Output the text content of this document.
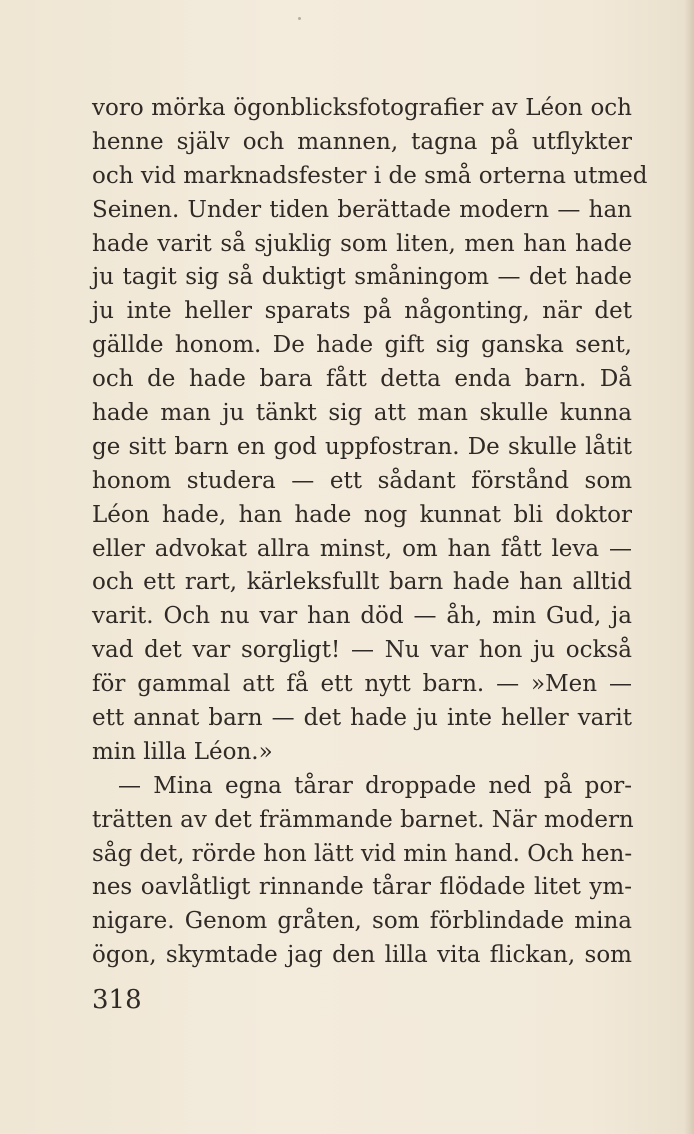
voro mörka ögonblicksfotografier av Léon och
henne själv och mannen, tagna på utflykter
och vid marknadsfester i de små orterna utmed
Seinen. Under tiden berättade modern — han
hade varit så sjuklig som liten, men han hade
ju tagit sig så duktigt småningom — det hade
ju inte heller sparats på någonting, när det
gällde honom. De hade gift sig ganska sent,
och de hade bara fått detta enda barn. Då
hade man ju tänkt sig att man skulle kunna
ge sitt barn en god uppfostran. De skulle låtit
honom studera — ett sådant förstånd som
Léon hade, han hade nog kunnat bli doktor
eller advokat allra minst, om han fått leva —
och ett rart, kärleksfullt barn hade han alltid
varit. Och nu var han död — åh, min Gud, ja
vad det var sorgligt! — Nu var hon ju också
för gammal att få ett nytt barn. — »Men —
ett annat barn — det hade ju inte heller varit
min lilla Léon.»
— Mina egna tårar droppade ned på por-
trätten av det främmande barnet. När modern
såg det, rörde hon lätt vid min hand. Och hen-
nes oavlåtligt rinnande tårar flödade litet ym-
nigare. Genom gråten, som förblindade mina
ögon, skymtade jag den lilla vita flickan, som
318
